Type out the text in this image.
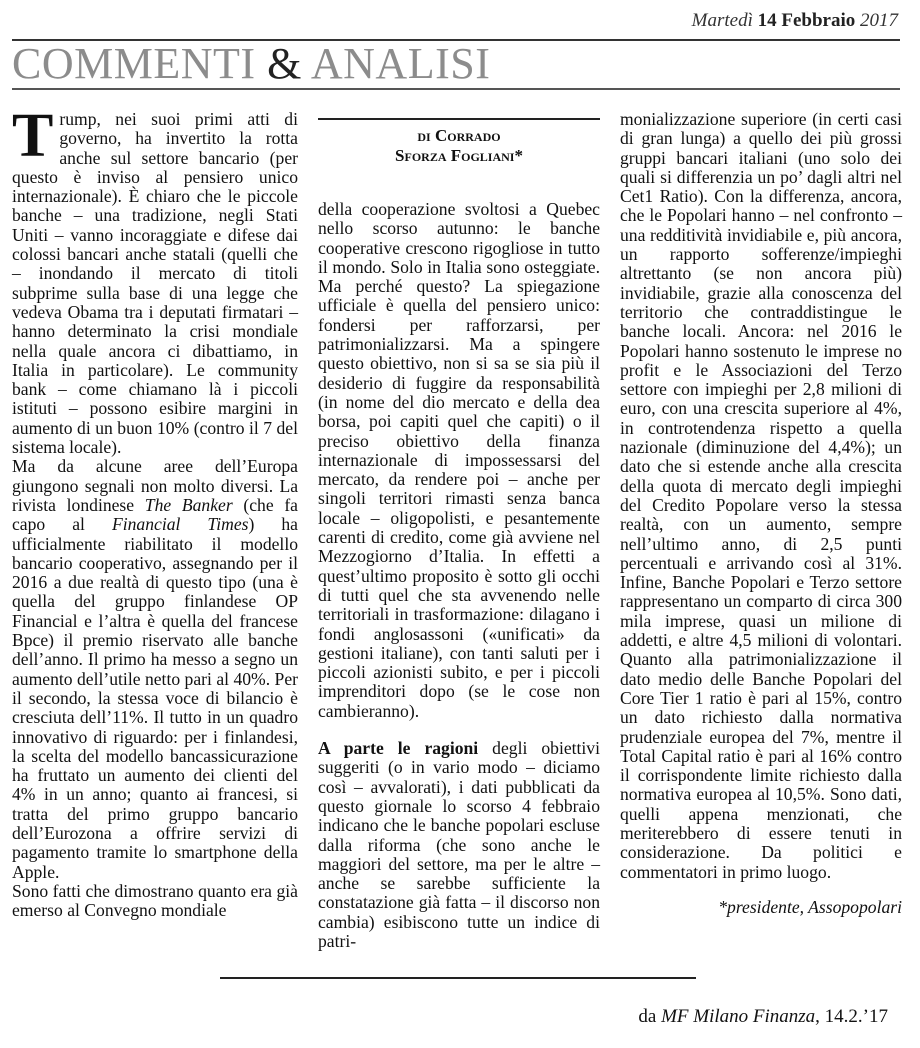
Martedì 14 Febbraio 2017
COMMENTI & ANALISI

Trump, nei suoi primi atti di governo, ha invertito la rotta anche sul settore bancario (per questo è inviso al pensiero unico internazionale). È chiaro che le piccole banche – una tradizione, negli Stati Uniti – vanno incoraggiate e difese dai colossi bancari anche statali (quelli che – inondando il mercato di titoli subprime sulla base di una legge che vedeva Obama tra i deputati firmatari – hanno determinato la crisi mondiale nella quale ancora ci dibattiamo, in Italia in particolare). Le community bank – come chiamano là i piccoli istituti – possono esibire margini in aumento di un buon 10% (contro il 7 del sistema locale).

Ma da alcune aree dell’Europa giungono segnali non molto diversi. La rivista londinese The Banker (che fa capo al Financial Times) ha ufficialmente riabilitato il modello bancario cooperativo, assegnando per il 2016 a due realtà di questo tipo (una è quella del gruppo finlandese OP Financial e l’altra è quella del francese Bpce) il premio riservato alle banche dell’anno. Il primo ha messo a segno un aumento dell’utile netto pari al 40%. Per il secondo, la stessa voce di bilancio è cresciuta dell’11%. Il tutto in un quadro innovativo di riguardo: per i finlandesi, la scelta del modello bancassicurazione ha fruttato un aumento dei clienti del 4% in un anno; quanto ai francesi, si tratta del primo gruppo bancario dell’Eurozona a offrire servizi di pagamento tramite lo smartphone della Apple.

Sono fatti che dimostrano quanto era già emerso al Convegno mondiale

di Corrado
Sforza Fogliani*

della cooperazione svoltosi a Quebec nello scorso autunno: le banche cooperative crescono rigogliose in tutto il mondo. Solo in Italia sono osteggiate. Ma perché questo? La spiegazione ufficiale è quella del pensiero unico: fondersi per rafforzarsi, per patrimonializzarsi. Ma a spingere questo obiettivo, non si sa se sia più il desiderio di fuggire da responsabilità (in nome del dio mercato e della dea borsa, poi capiti quel che capiti) o il preciso obiettivo della finanza internazionale di impossessarsi del mercato, da rendere poi – anche per singoli territori rimasti senza banca locale – oligopolisti, e pesantemente carenti di credito, come già avviene nel Mezzogiorno d’Italia. In effetti a quest’ultimo proposito è sotto gli occhi di tutti quel che sta avvenendo nelle territoriali in trasformazione: dilagano i fondi anglosassoni («unificati» da gestioni italiane), con tanti saluti per i piccoli azionisti subito, e per i piccoli imprenditori dopo (se le cose non cambieranno).

A parte le ragioni degli obiettivi suggeriti (o in vario modo – diciamo così – avvalorati), i dati pubblicati da questo giornale lo scorso 4 febbraio indicano che le banche popolari escluse dalla riforma (che sono anche le maggiori del settore, ma per le altre – anche se sarebbe sufficiente la constatazione già fatta – il discorso non cambia) esibiscono tutte un indice di patri-

monializzazione superiore (in certi casi di gran lunga) a quello dei più grossi gruppi bancari italiani (uno solo dei quali si differenzia un po’ dagli altri nel Cet1 Ratio). Con la differenza, ancora, che le Popolari hanno – nel confronto – una redditività invidiabile e, più ancora, un rapporto sofferenze/impieghi altrettanto (se non ancora più) invidiabile, grazie alla conoscenza del territorio che contraddistingue le banche locali. Ancora: nel 2016 le Popolari hanno sostenuto le imprese no profit e le Associazioni del Terzo settore con impieghi per 2,8 milioni di euro, con una crescita superiore al 4%, in controtendenza rispetto a quella nazionale (diminuzione del 4,4%); un dato che si estende anche alla crescita della quota di mercato degli impieghi del Credito Popolare verso la stessa realtà, con un aumento, sempre nell’ultimo anno, di 2,5 punti percentuali e arrivando così al 31%. Infine, Banche Popolari e Terzo settore rappresentano un comparto di circa 300 mila imprese, quasi un milione di addetti, e altre 4,5 milioni di volontari. Quanto alla patrimonializzazione il dato medio delle Banche Popolari del Core Tier 1 ratio è pari al 15%, contro un dato richiesto dalla normativa prudenziale europea del 7%, mentre il Total Capital ratio è pari al 16% contro il corrispondente limite richiesto dalla normativa europea al 10,5%. Sono dati, quelli appena menzionati, che meriterebbero di essere tenuti in considerazione. Da politici e commentatori in primo luogo.

*presidente, Assopopolari
da MF Milano Finanza, 14.2.’17
